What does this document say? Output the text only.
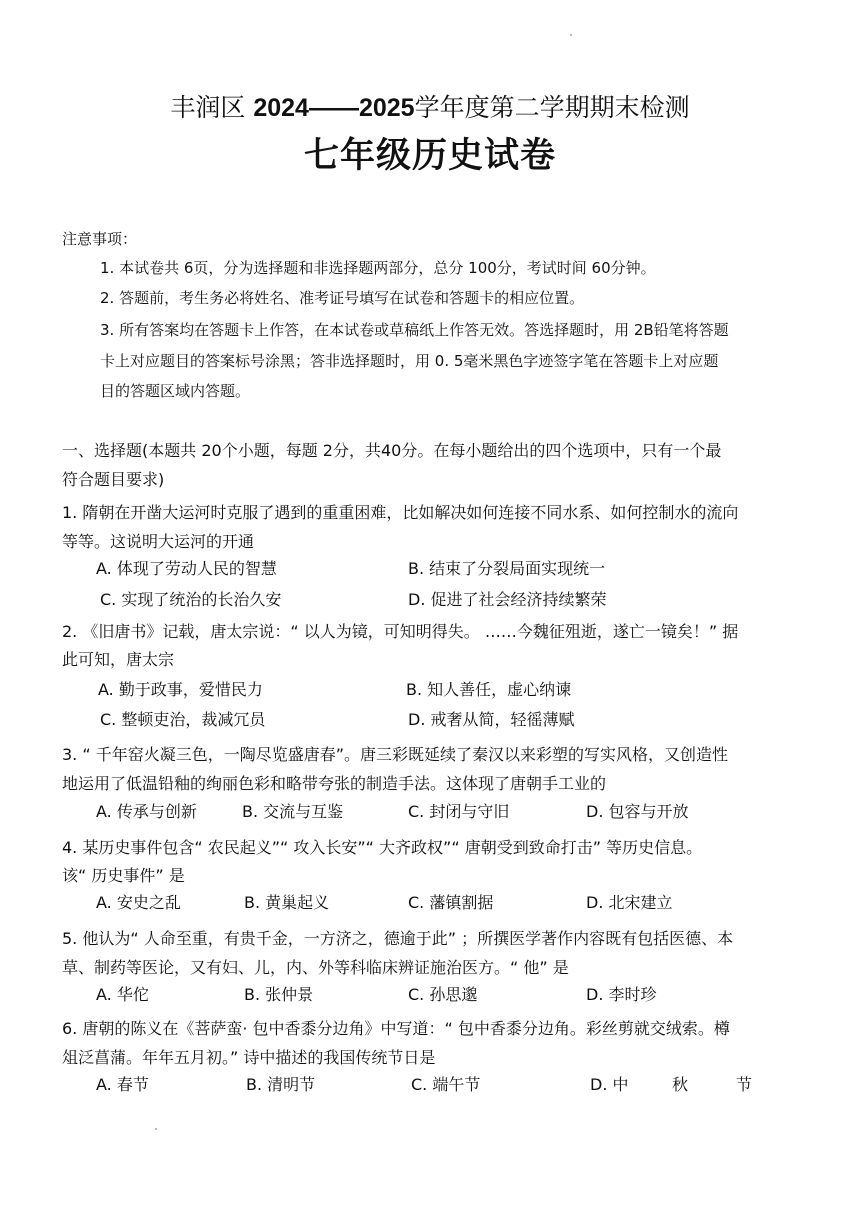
丰润区 2024——2025学年度第二学期期末检测
七年级历史试卷
注意事项：
1. 本试卷共 6页，分为选择题和非选择题两部分，总分 100分，考试时间 60分钟。
2. 答题前，考生务必将姓名、准考证号填写在试卷和答题卡的相应位置。
3. 所有答案均在答题卡上作答，在本试卷或草稿纸上作答无效。答选择题时，用 2B铅笔将答题
卡上对应题目的答案标号涂黑；答非选择题时，用 0. 5毫米黑色字迹签字笔在答题卡上对应题
目的答题区域内答题。
一、选择题(本题共 20个小题，每题 2分，共40分。在每小题给出的四个选项中，只有一个最
符合题目要求)
1. 隋朝在开凿大运河时克服了遇到的重重困难，比如解决如何连接不同水系、如何控制水的流向
等等。这说明大运河的开通
A. 体现了劳动人民的智慧	B. 结束了分裂局面实现统一
C. 实现了统治的长治久安	D. 促进了社会经济持续繁荣
2. 《旧唐书》记载，唐太宗说：“ 以人为镜，可知明得失。 ……今魏征殂逝，遂亡一镜矣！” 据
此可知，唐太宗
A. 勤于政事，爱惜民力	B. 知人善任，虚心纳谏
C. 整顿吏治，裁减冗员	D. 戒奢从简，轻徭薄赋
3. “ 千年窑火凝三色，一陶尽览盛唐春”。唐三彩既延续了秦汉以来彩塑的写实风格，又创造性
地运用了低温铅釉的绚丽色彩和略带夸张的制造手法。这体现了唐朝手工业的
A. 传承与创新	B. 交流与互鉴	C. 封闭与守旧	D. 包容与开放
4. 某历史事件包含“ 农民起义”“ 攻入长安”“ 大齐政权”“ 唐朝受到致命打击” 等历史信息。
该“ 历史事件” 是
A. 安史之乱	B. 黄巢起义	C. 藩镇割据	D. 北宋建立
5. 他认为“ 人命至重，有贵千金，一方济之，德逾于此” ；所撰医学著作内容既有包括医德、本
草、制药等医论，又有妇、儿，内、外等科临床辨证施治医方。“ 他” 是
A. 华佗	B. 张仲景	C. 孙思邈	D. 李时珍
6. 唐朝的陈义在《菩萨蛮· 包中香黍分边角》中写道：“ 包中香黍分边角。彩丝剪就交绒索。樽
俎泛菖蒲。年年五月初。” 诗中描述的我国传统节日是
A. 春节	B. 清明节	C. 端午节	D. 中	秋	节
